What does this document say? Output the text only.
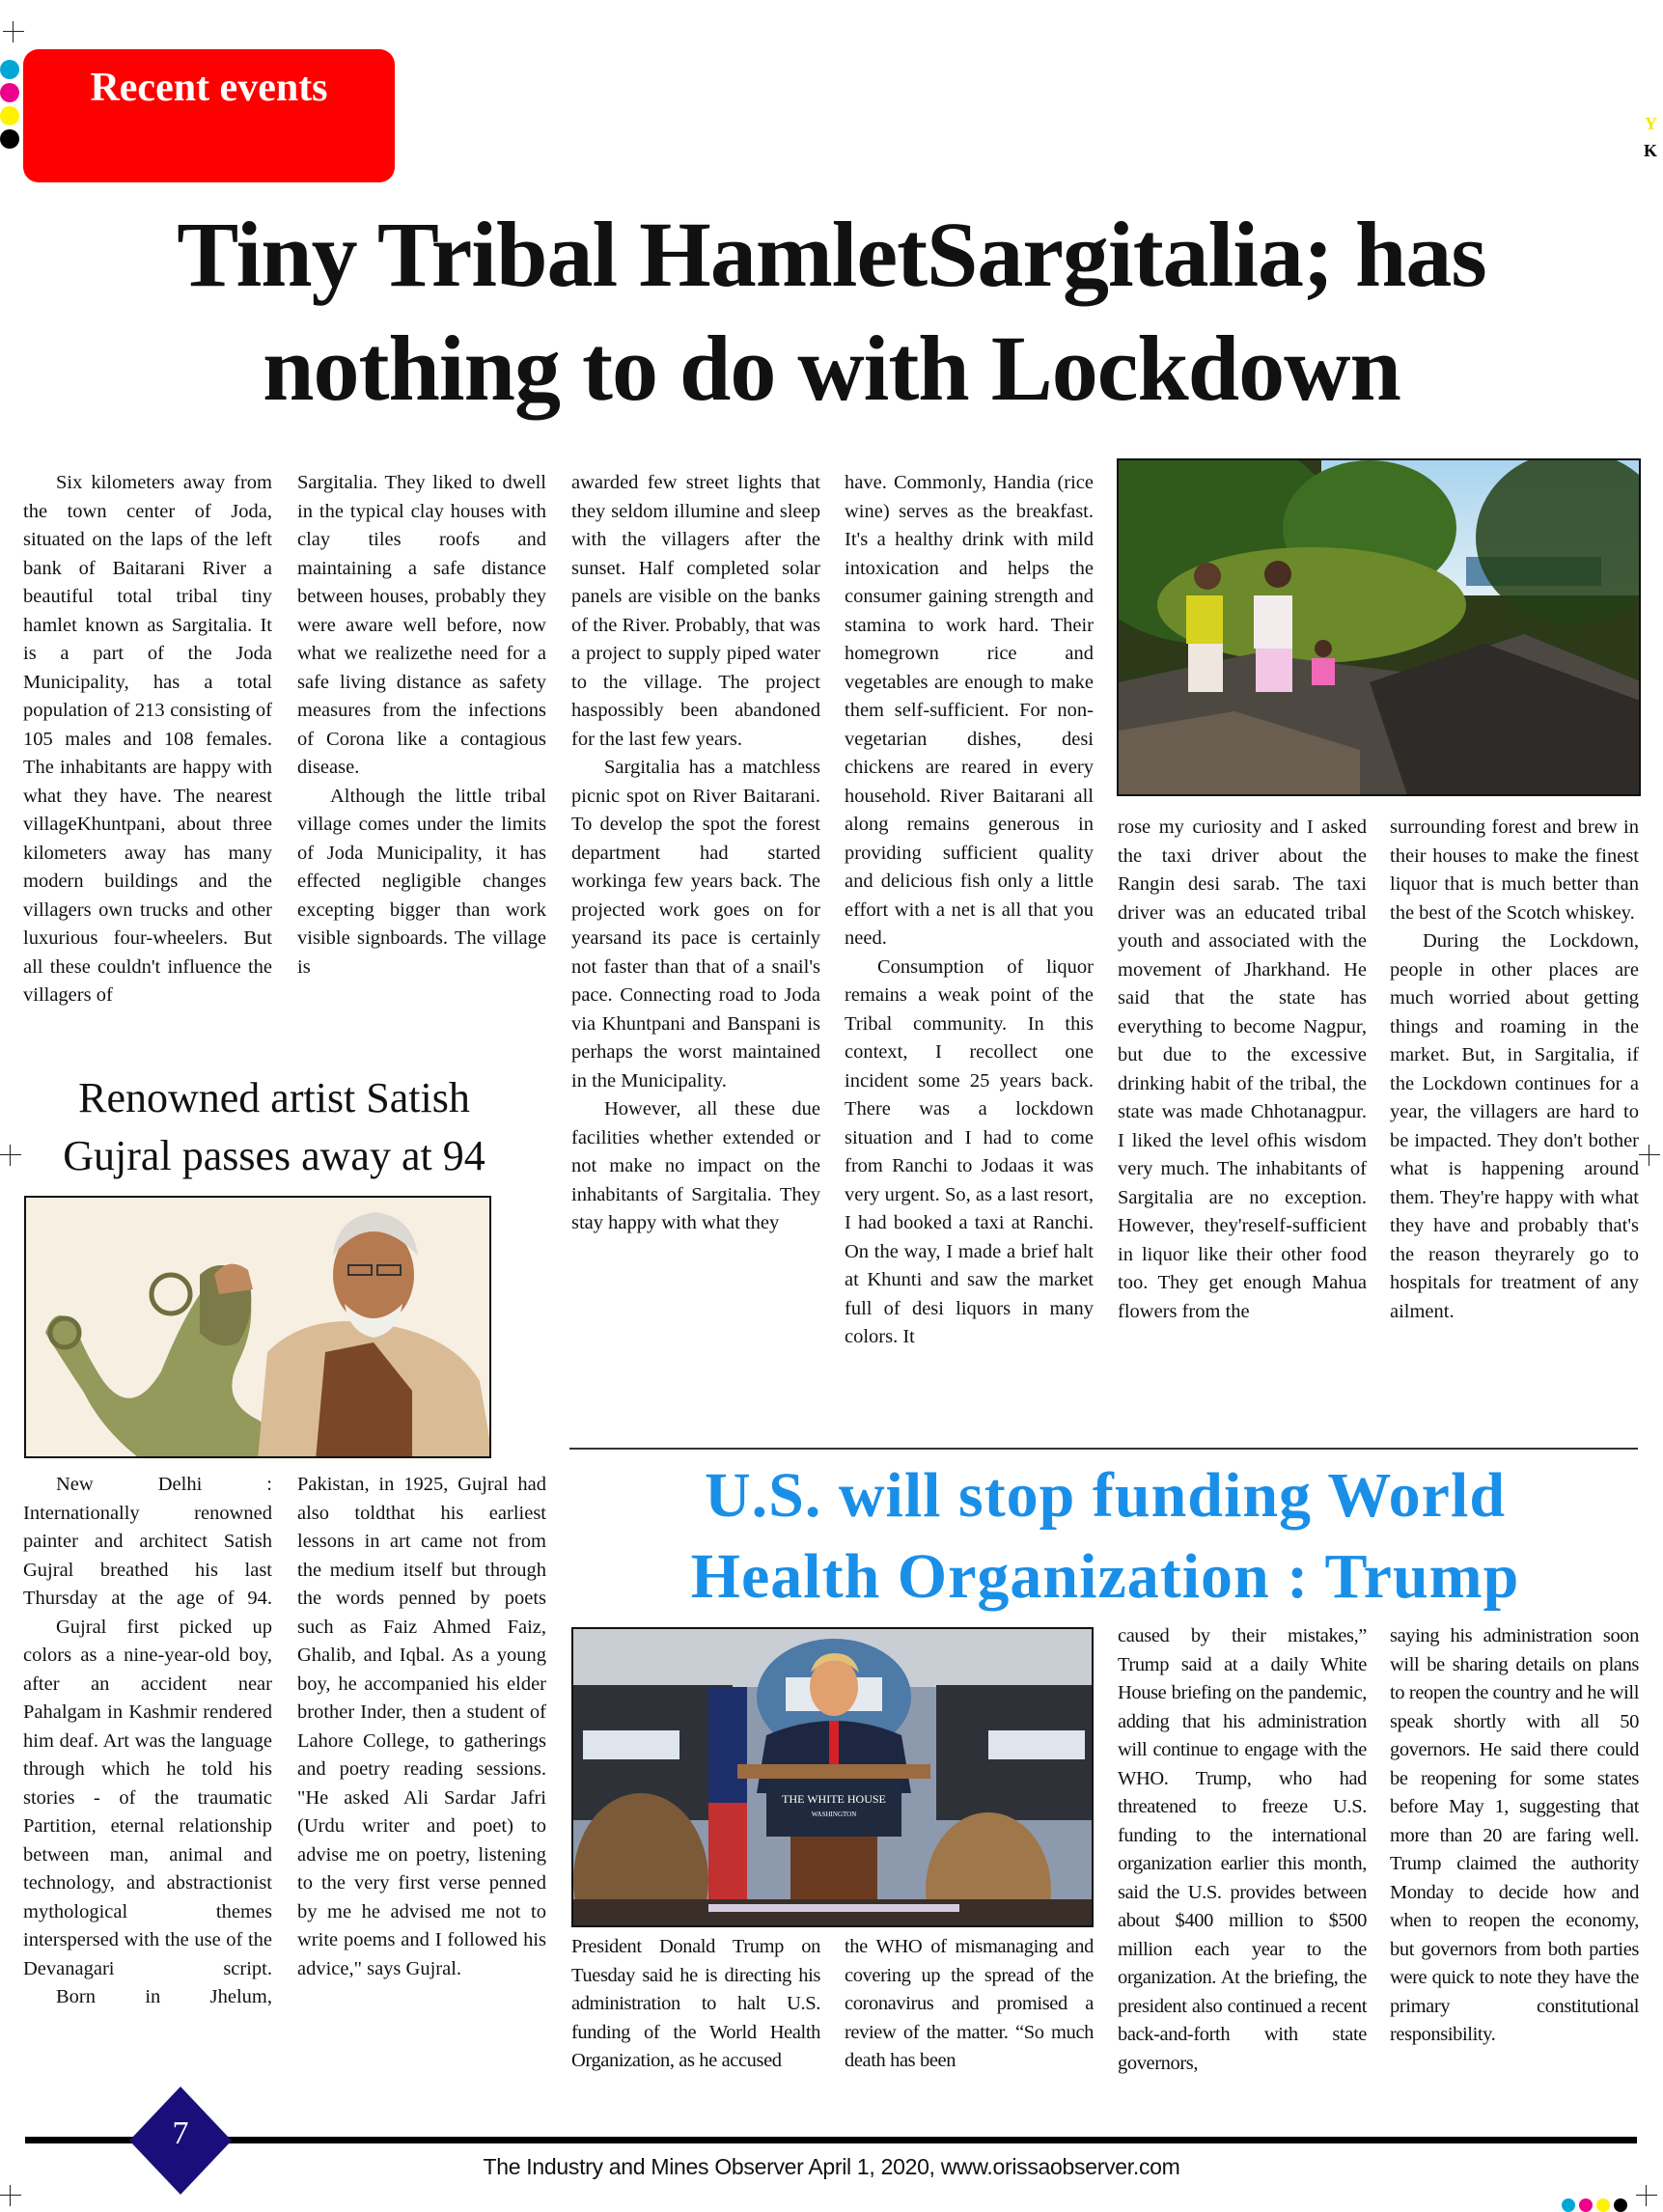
Y
K
Recent events
Tiny Tribal HamletSargitalia; has
nothing to do with Lockdown

Six kilometers away from the town center of Joda, situated on the laps of the left bank of Baitarani River a beautiful total tribal tiny hamlet known as Sargitalia. It is a part of the Joda Municipality, has a total population of 213 consisting of 105 males and 108 females. The inhabitants are happy with what they have. The nearest villageKhuntpani, about three kilometers away has many modern buildings and the villagers own trucks and other luxurious four-wheelers. But all these couldn't influence the villagers of

Sargitalia. They liked to dwell in the typical clay houses with clay tiles roofs and maintaining a safe distance between houses, probably they were aware well before, now what we realizethe need for a safe living distance as safety measures from the infections of Corona like a contagious disease.

Although the little tribal village comes under the limits of Joda Municipality, it has effected negligible changes excepting bigger than work visible signboards. The village is

awarded few street lights that they seldom illumine and sleep with the villagers after the sunset. Half completed solar panels are visible on the banks of the River. Probably, that was a project to supply piped water to the village. The project haspossibly been abandoned for the last few years.

Sargitalia has a matchless picnic spot on River Baitarani. To develop the spot the forest department had started workinga few years back. The projected work goes on for yearsand its pace is certainly not faster than that of a snail's pace. Connecting road to Joda via Khuntpani and Banspani is perhaps the worst maintained in the Municipality.

However, all these due facilities whether extended or not make no impact on the inhabitants of Sargitalia. They stay happy with what they

have. Commonly, Handia (rice wine) serves as the breakfast. It's a healthy drink with mild intoxication and helps the consumer gaining strength and stamina to work hard. Their homegrown rice and vegetables are enough to make them self-sufficient. For non-vegetarian dishes, desi chickens are reared in every household. River Baitarani all along remains generous in providing sufficient quality and delicious fish only a little effort with a net is all that you need.

Consumption of liquor remains a weak point of the Tribal community. In this context, I recollect one incident some 25 years back. There was a lockdown situation and I had to come from Ranchi to Jodaas it was very urgent. So, as a last resort, I had booked a taxi at Ranchi. On the way, I made a brief halt at Khunti and saw the market full of desi liquors in many colors. It

rose my curiosity and I asked the taxi driver about the Rangin desi sarab. The taxi driver was an educated tribal youth and associated with the movement of Jharkhand. He said that the state has everything to become Nagpur, but due to the excessive drinking habit of the tribal, the state was made Chhotanagpur. I liked the level ofhis wisdom very much. The inhabitants of Sargitalia are no exception. However, they'reself-sufficient in liquor like their other food too. They get enough Mahua flowers from the

surrounding forest and brew in their houses to make the finest liquor that is much better than the best of the Scotch whiskey.

During the Lockdown, people in other places are much worried about getting things and roaming in the market. But, in Sargitalia, if the Lockdown continues for a year, the villagers are hard to be impacted. They don't bother what is happening around them. They're happy with what they have and probably that's the reason theyrarely go to hospitals for treatment of any ailment.

Renowned artist Satish
Gujral passes away at 94

New Delhi : Internationally renowned painter and architect Satish Gujral breathed his last Thursday at the age of 94.

Gujral first picked up colors as a nine-year-old boy, after an accident near Pahalgam in Kashmir rendered him deaf. Art was the language through which he told his stories - of the traumatic Partition, eternal relationship between man, animal and technology, and abstractionist mythological themes interspersed with the use of the Devanagari script.

Born in Jhelum,

Pakistan, in 1925, Gujral had also toldthat his earliest lessons in art came not from the medium itself but through the words penned by poets such as Faiz Ahmed Faiz, Ghalib, and Iqbal. As a young boy, he accompanied his elder brother Inder, then a student of Lahore College, to gatherings and poetry reading sessions. "He asked Ali Sardar Jafri (Urdu writer and poet) to advise me on poetry, listening to the very first verse penned by me he advised me not to write poems and I followed his advice," says Gujral.

U.S. will stop funding World
Health Organization : Trump
THE WHITE HOUSE
WASHINGTON

President Donald Trump on Tuesday said he is directing his administration to halt U.S. funding of the World Health Organization, as he accused

the WHO of mismanaging and covering up the spread of the coronavirus and promised a review of the matter. “So much death has been

caused by their mistakes,” Trump said at a daily White House briefing on the pandemic, adding that his administration will continue to engage with the WHO. Trump, who had threatened to freeze U.S. funding to the international organization earlier this month, said the U.S. provides between about $400 million to $500 million each year to the organization. At the briefing, the president also continued a recent back-and-forth with state governors,

saying his administration soon will be sharing details on plans to reopen the country and he will speak shortly with all 50 governors. He said there could be reopening for some states before May 1, suggesting that more than 20 are faring well. Trump claimed the authority Monday to decide how and when to reopen the economy, but governors from both parties were quick to note they have the primary constitutional responsibility.

7
The Industry and Mines Observer April 1, 2020, www.orissaobserver.com
